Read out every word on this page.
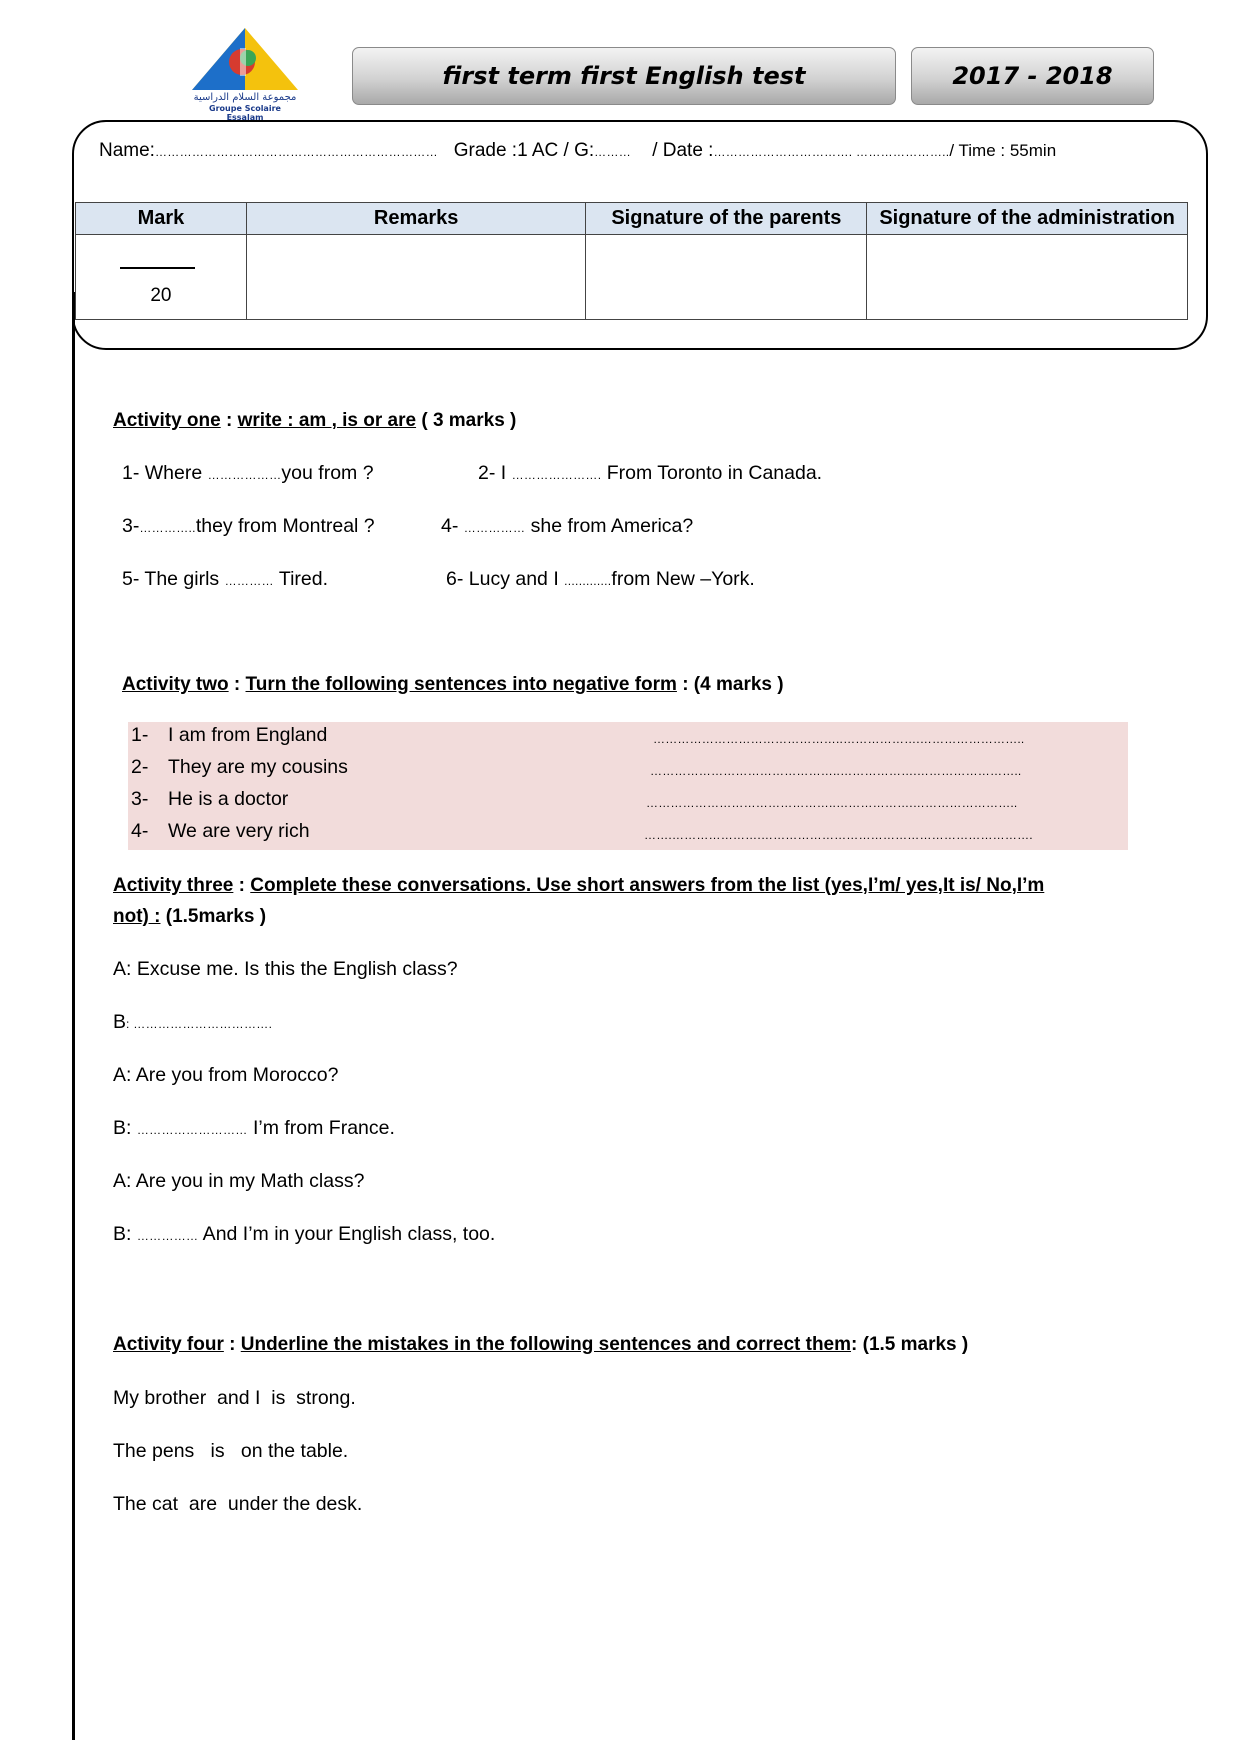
مجموعة السلام الدراسية
Groupe Scolaire Essalam
first term first English test	2017 - 2018
Name:…………………………………………………………… Grade :1 AC / G:……… / Date :……………………………. …………………../ Time : 55min
Mark	Remarks	Signature of the parents	Signature of the administration

20			

Activity one : write : am , is or are ( 3 marks )
1- Where ………………you from ?	2- I …………………. From Toronto in Canada.
3-…………..they from Montreal ?	4- …………… she from America?
5- The girls ………… Tired.	6- Lucy and I .............from New –York.
Activity two : Turn the following sentences into negative form : (4 marks )
1- I am from England	………………………………………..……………….……………………..
2- They are my cousins	………………………………………..……………….……………………..
3- He is a doctor	………………………………………..……………….……………………..
4- We are very rich	…….………………….………………………………………………………….
Activity three : Complete these conversations. Use short answers from the list (yes,I’m/ yes,It is/ No,I’m
not) : (1.5marks )
A: Excuse me. Is this the English class?
B: …………………………….
A: Are you from Morocco?
B: ……………………… I’m from France.
A: Are you in my Math class?
B: …………… And I’m in your English class, too.
Activity four : Underline the mistakes in the following sentences and correct them: (1.5 marks )
My brother  and I  is  strong.
The pens   is   on the table.
The cat  are  under the desk.
